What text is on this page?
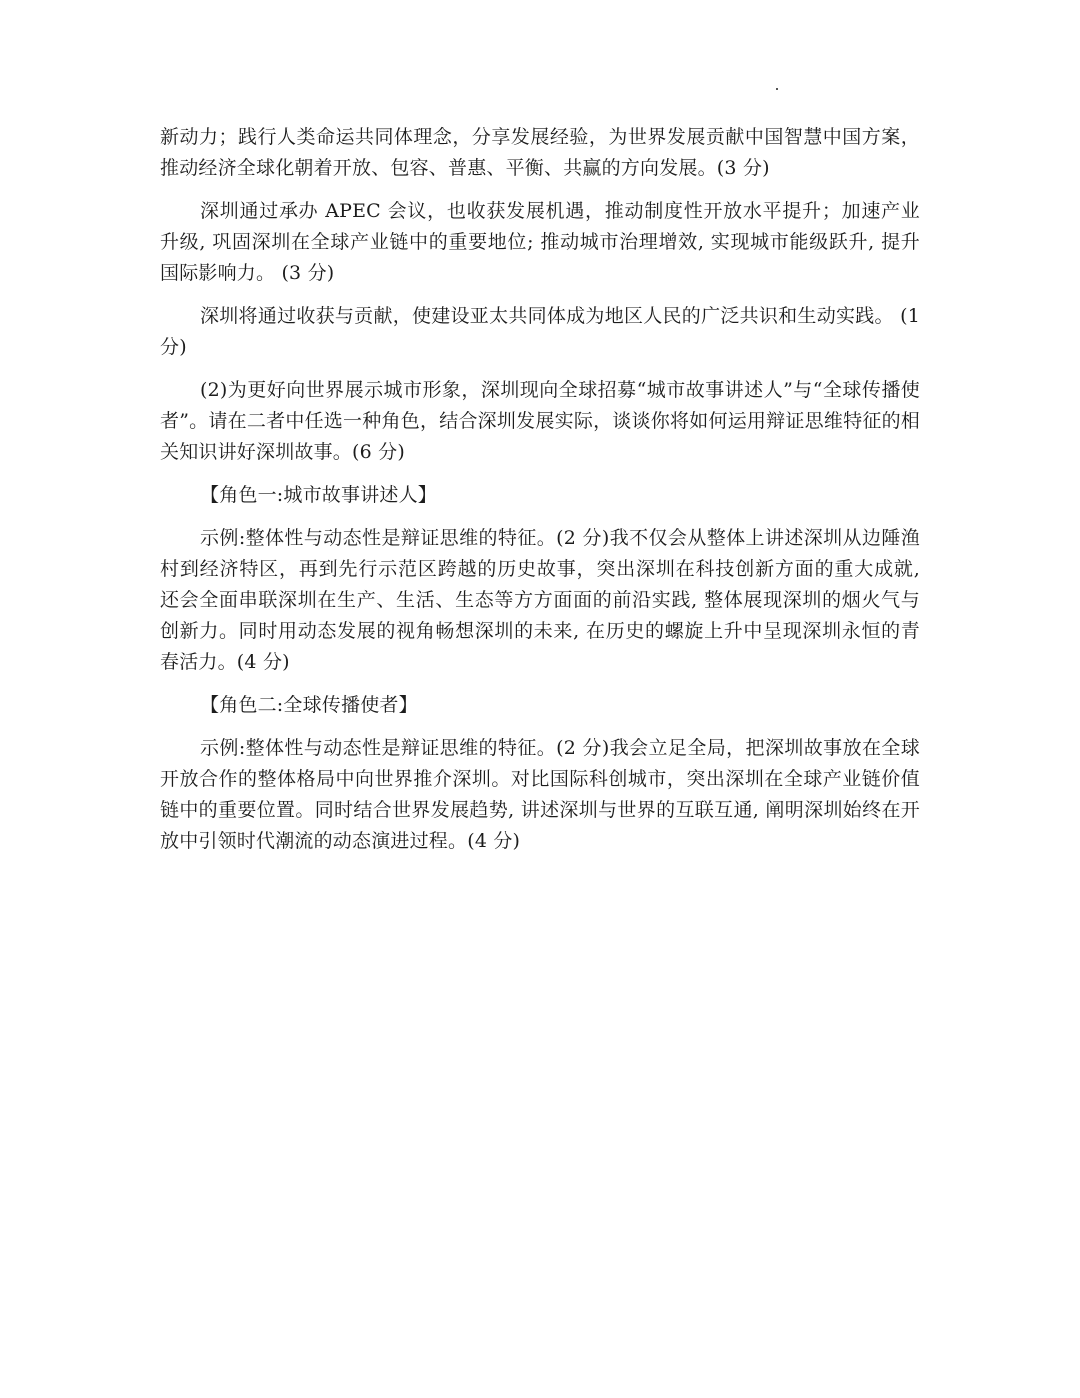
新动力；践行人类命运共同体理念，分享发展经验，为世界发展贡献中国智慧中国方案，推动经济全球化朝着开放、包容、普惠、平衡、共赢的方向发展。(3 分)

深圳通过承办 APEC 会议，也收获发展机遇，推动制度性开放水平提升；加速产业升级, 巩固深圳在全球产业链中的重要地位; 推动城市治理增效, 实现城市能级跃升, 提升国际影响力。 (3 分)

深圳将通过收获与贡献，使建设亚太共同体成为地区人民的广泛共识和生动实践。 (1 分)

(2)为更好向世界展示城市形象，深圳现向全球招募“城市故事讲述人”与“全球传播使者”。请在二者中任选一种角色，结合深圳发展实际，谈谈你将如何运用辩证思维特征的相关知识讲好深圳故事。(6 分)

【角色一:城市故事讲述人】

示例:整体性与动态性是辩证思维的特征。(2 分)我不仅会从整体上讲述深圳从边陲渔村到经济特区，再到先行示范区跨越的历史故事，突出深圳在科技创新方面的重大成就, 还会全面串联深圳在生产、生活、生态等方方面面的前沿实践, 整体展现深圳的烟火气与创新力。同时用动态发展的视角畅想深圳的未来, 在历史的螺旋上升中呈现深圳永恒的青春活力。(4 分)

【角色二:全球传播使者】

示例:整体性与动态性是辩证思维的特征。(2 分)我会立足全局，把深圳故事放在全球开放合作的整体格局中向世界推介深圳。对比国际科创城市，突出深圳在全球产业链价值链中的重要位置。同时结合世界发展趋势, 讲述深圳与世界的互联互通, 阐明深圳始终在开放中引领时代潮流的动态演进过程。(4 分)
